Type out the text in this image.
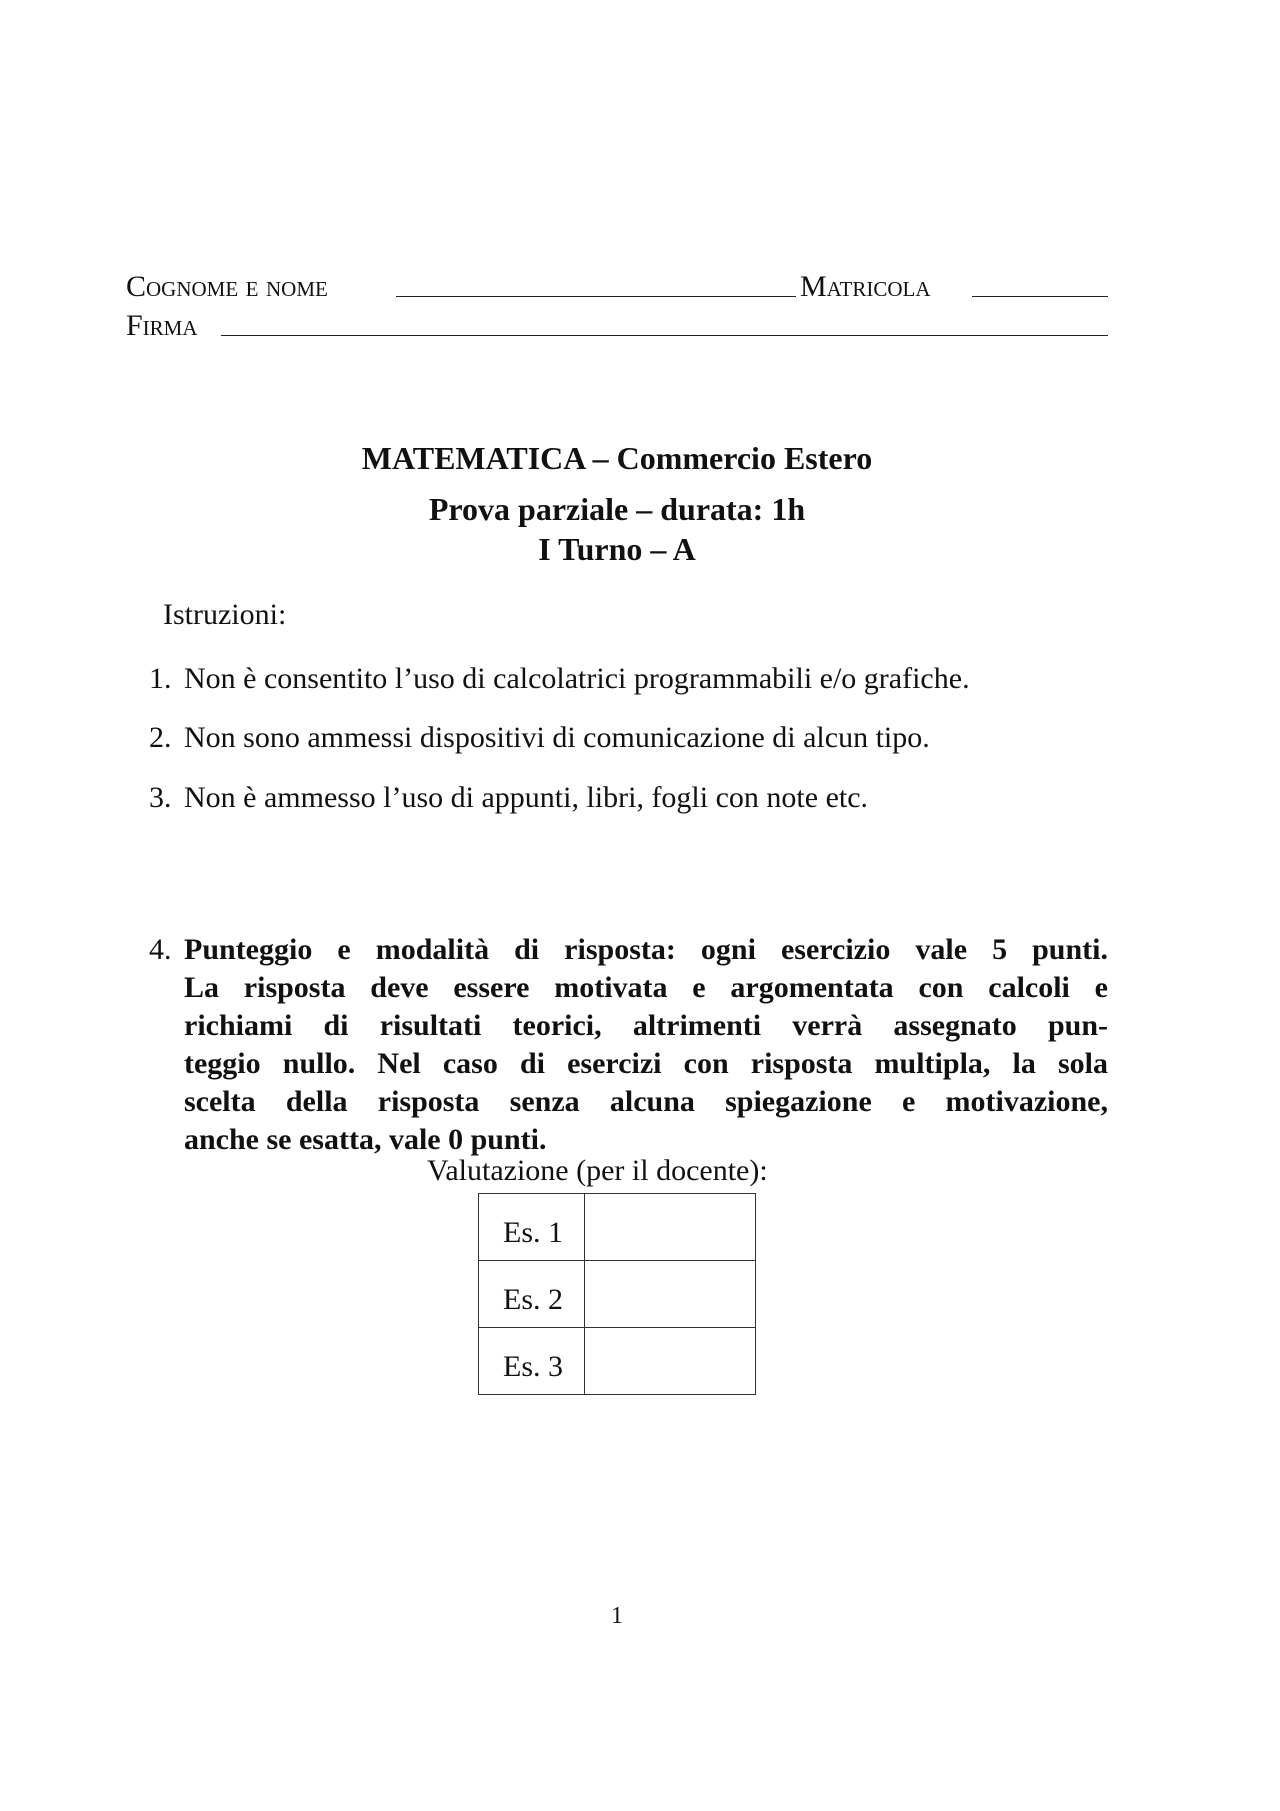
Cognome e nome	Matricola
Firma
MATEMATICA – Commercio Estero
Prova parziale – durata: 1h
I Turno – A
Istruzioni:
1. Non è consentito l’uso di calcolatrici programmabili e/o grafiche.
2. Non sono ammessi dispositivi di comunicazione di alcun tipo.
3. Non è ammesso l’uso di appunti, libri, fogli con note etc.
4. Punteggio e modalità di risposta: ogni esercizio vale 5 punti.
La risposta deve essere motivata e argomentata con calcoli e
richiami di risultati teorici, altrimenti verrà assegnato pun-
teggio nullo. Nel caso di esercizi con risposta multipla, la sola
scelta della risposta senza alcuna spiegazione e motivazione,
anche se esatta, vale 0 punti.
Valutazione (per il docente):
Es. 1	
Es. 2	
Es. 3	
1
